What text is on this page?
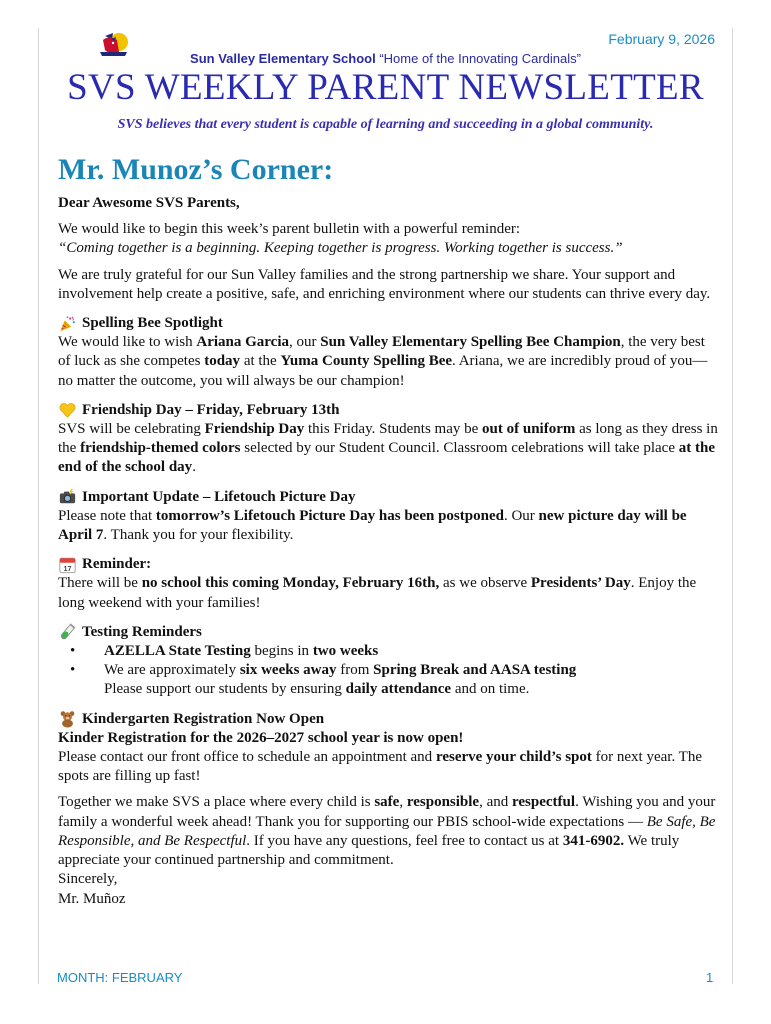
February 9, 2026
Sun Valley Elementary School “Home of the Innovating Cardinals”
SVS WEEKLY PARENT NEWSLETTER
SVS believes that every student is capable of learning and succeeding in a global community.
Mr. Munoz’s Corner:

Dear Awesome SVS Parents,

We would like to begin this week’s parent bulletin with a powerful reminder:

“Coming together is a beginning. Keeping together is progress. Working together is success.”

We are truly grateful for our Sun Valley families and the strong partnership we share. Your support and involvement help create a positive, safe, and enriching environment where our students can thrive every day.

Spelling Bee Spotlight

We would like to wish Ariana Garcia, our Sun Valley Elementary Spelling Bee Champion, the very best of luck as she competes today at the Yuma County Spelling Bee. Ariana, we are incredibly proud of you—no matter the outcome, you will always be our champion!

Friendship Day – Friday, February 13th

SVS will be celebrating Friendship Day this Friday. Students may be out of uniform as long as they dress in the friendship-themed colors selected by our Student Council. Classroom celebrations will take place at the end of the school day.

Important Update – Lifetouch Picture Day

Please note that tomorrow’s Lifetouch Picture Day has been postponed. Our new picture day will be April 7. Thank you for your flexibility.

17 Reminder:

There will be no school this coming Monday, February 16th, as we observe Presidents’ Day. Enjoy the long weekend with your families!

Testing Reminders
• AZELLA State Testing begins in two weeks
• We are approximately six weeks away from Spring Break and AASA testing
Please support our students by ensuring daily attendance and on time.
Kindergarten Registration Now Open

Kinder Registration for the 2026–2027 school year is now open!

Please contact our front office to schedule an appointment and reserve your child’s spot for next year. The spots are filling up fast!

Together we make SVS a place where every child is safe, responsible, and respectful. Wishing you and your family a wonderful week ahead! Thank you for supporting our PBIS school-wide expectations — Be Safe, Be Responsible, and Be Respectful. If you have any questions, feel free to contact us at 341-6902. We truly appreciate your continued partnership and commitment.

Sincerely,

Mr. Muñoz

MONTH: FEBRUARY	1
